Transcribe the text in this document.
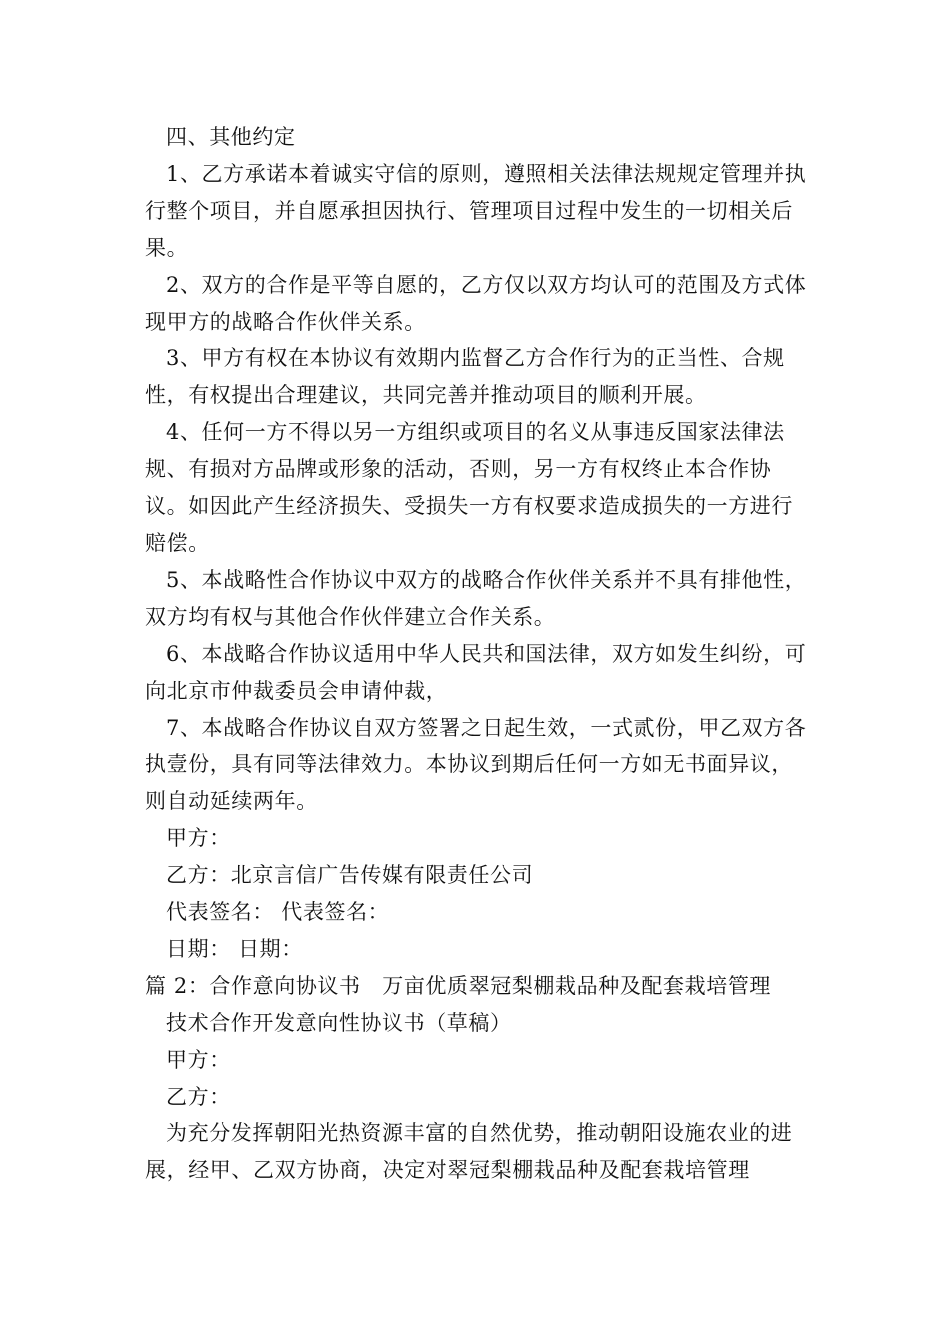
四、其他约定

1、乙方承诺本着诚实守信的原则，遵照相关法律法规规定管理并执行整个项目，并自愿承担因执行、管理项目过程中发生的一切相关后果。

2、双方的合作是平等自愿的，乙方仅以双方均认可的范围及方式体现甲方的战略合作伙伴关系。

3、甲方有权在本协议有效期内监督乙方合作行为的正当性、合规性，有权提出合理建议，共同完善并推动项目的顺利开展。

4、任何一方不得以另一方组织或项目的名义从事违反国家法律法规、有损对方品牌或形象的活动，否则，另一方有权终止本合作协议。如因此产生经济损失、受损失一方有权要求造成损失的一方进行赔偿。

5、本战略性合作协议中双方的战略合作伙伴关系并不具有排他性，双方均有权与其他合作伙伴建立合作关系。

6、本战略合作协议适用中华人民共和国法律，双方如发生纠纷，可向北京市仲裁委员会申请仲裁，

7、本战略合作协议自双方签署之日起生效，一式贰份，甲乙双方各执壹份，具有同等法律效力。本协议到期后任何一方如无书面异议，则自动延续两年。

甲方：

乙方：北京言信广告传媒有限责任公司

代表签名： 代表签名：

日期： 日期：

篇 2：合作意向协议书　万亩优质翠冠梨棚栽品种及配套栽培管理

技术合作开发意向性协议书（草稿）

甲方：

乙方：

为充分发挥朝阳光热资源丰富的自然优势，推动朝阳设施农业的进展，经甲、乙双方协商，决定对翠冠梨棚栽品种及配套栽培管理
